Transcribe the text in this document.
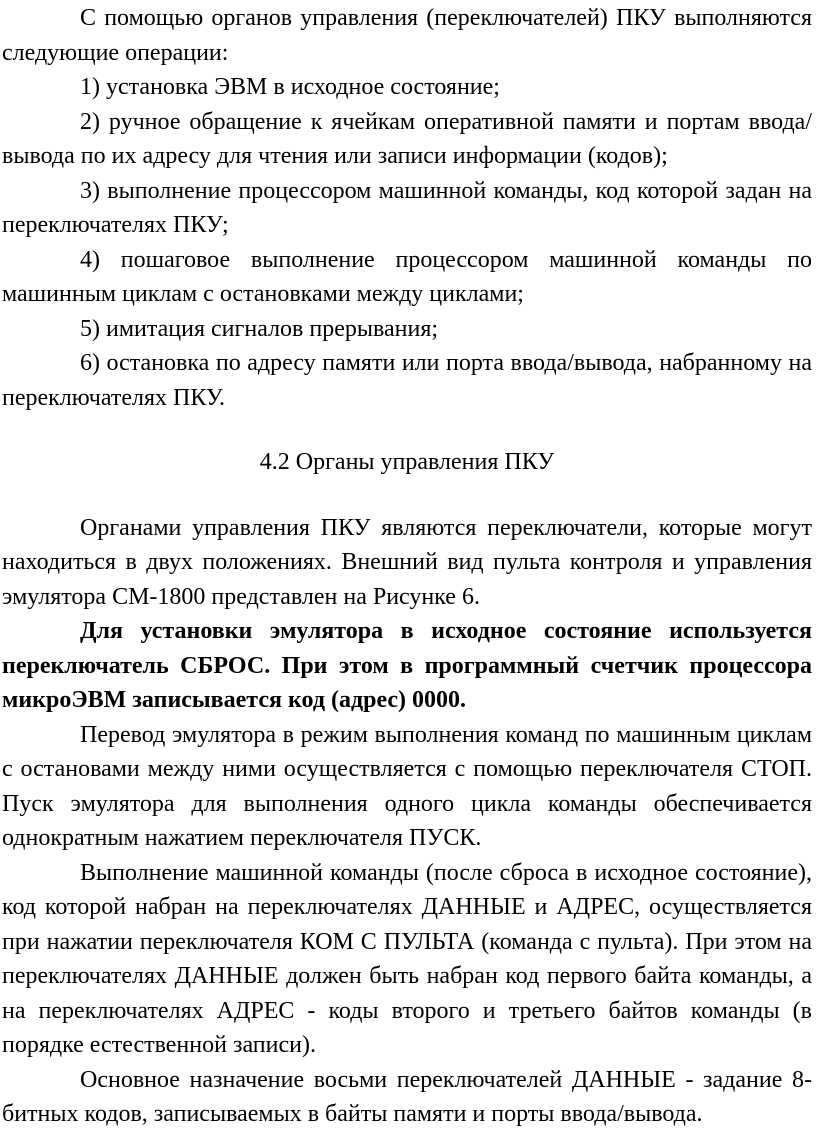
С помощью органов управления (переключателей) ПКУ выполняются следующие операции:

1) установка ЭВМ в исходное состояние;

2) ручное обращение к ячейкам оперативной памяти и портам ввода/вывода по их адресу для чтения или записи информации (кодов);

3) выполнение процессором машинной команды, код которой задан на переключателях ПКУ;

4) пошаговое выполнение процессором машинной команды по машинным циклам с остановками между циклами;

5) имитация сигналов прерывания;

6) остановка по адресу памяти или порта ввода/вывода, набранному на переключателях ПКУ.

4.2 Органы управления ПКУ

Органами управления ПКУ являются переключатели, которые могут находиться в двух положениях. Внешний вид пульта контроля и управления эмулятора СМ-1800 представлен на Рисунке 6.

Для установки эмулятора в исходное состояние используется переключатель СБРОС. При этом в программный счетчик процессора микроЭВМ записывается код (адрес) 0000.

Перевод эмулятора в режим выполнения команд по машинным циклам с остановами между ними осуществляется с помощью переключателя СТОП. Пуск эмулятора для выполнения одного цикла команды обеспечивается однократным нажатием переключателя ПУСК.

Выполнение машинной команды (после сброса в исходное состояние), код которой набран на переключателях ДАННЫЕ и АДРЕС, осуществляется при нажатии переключателя КОМ С ПУЛЬТА (команда с пульта). При этом на переключателях ДАННЫЕ должен быть набран код первого байта команды, а на переключателях АДРЕС - коды второго и третьего байтов команды (в порядке естественной записи).

Основное назначение восьми переключателей ДАННЫЕ - задание 8-битных кодов, записываемых в байты памяти и порты ввода/вывода.
